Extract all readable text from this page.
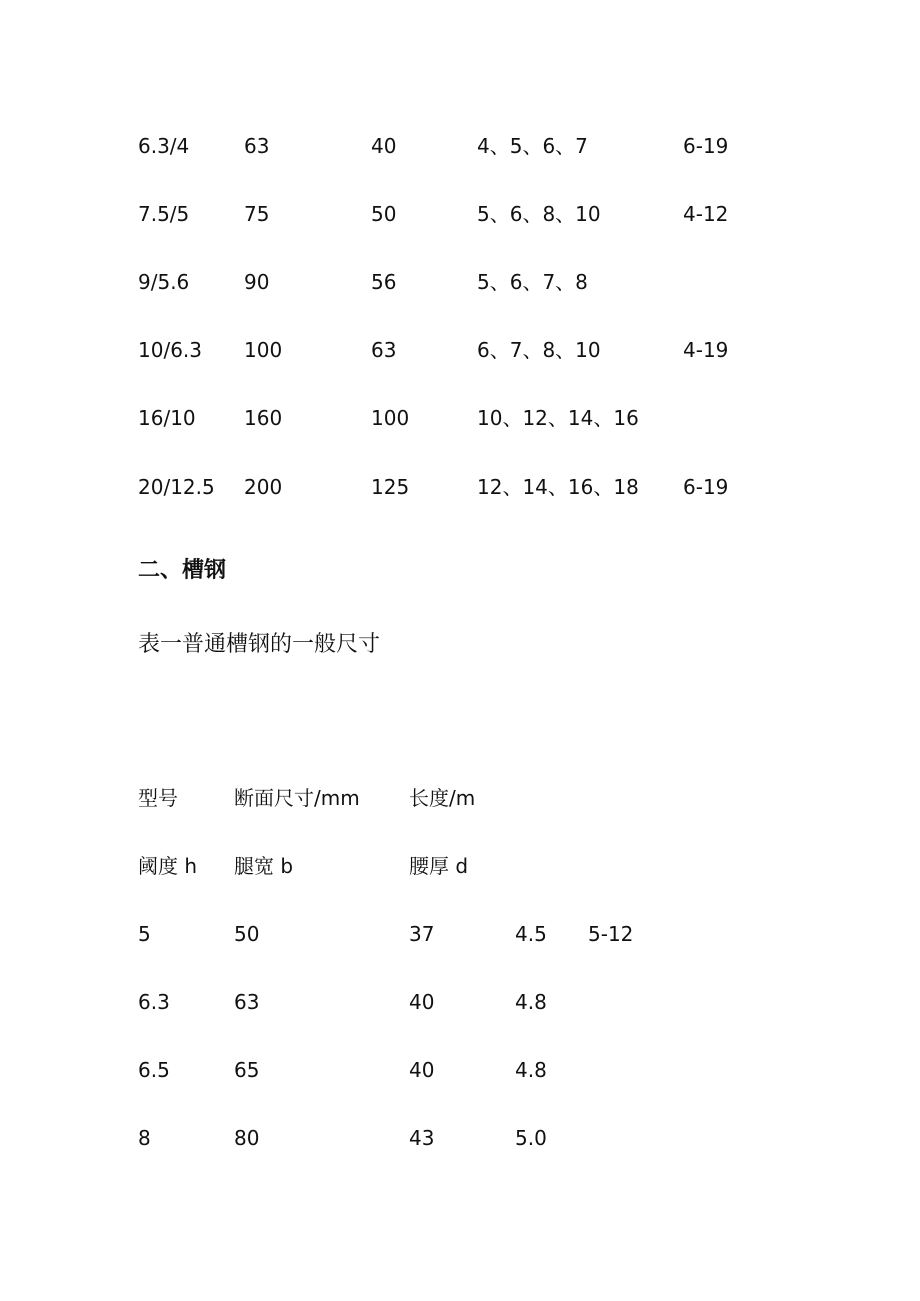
6.3/4	63	40	4、5、6、7	6-19
7.5/5	75	50	5、6、8、10	4-12
9/5.6	90	56	5、6、7、8
10/6.3 100	63	6、7、8、10	4-19
16/10 160	100	10、12、14、16
20/12.5 200	125	12、14、16、18 6-19
二、槽钢
表一普通槽钢的一般尺寸
型号	断面尺寸/mm 长度/m
阈度 h 腿宽 b	腰厚 d
5	50	37	4.5 5-12
6.3	63	40	4.8
6.5	65	40	4.8
8	80	43	5.0
